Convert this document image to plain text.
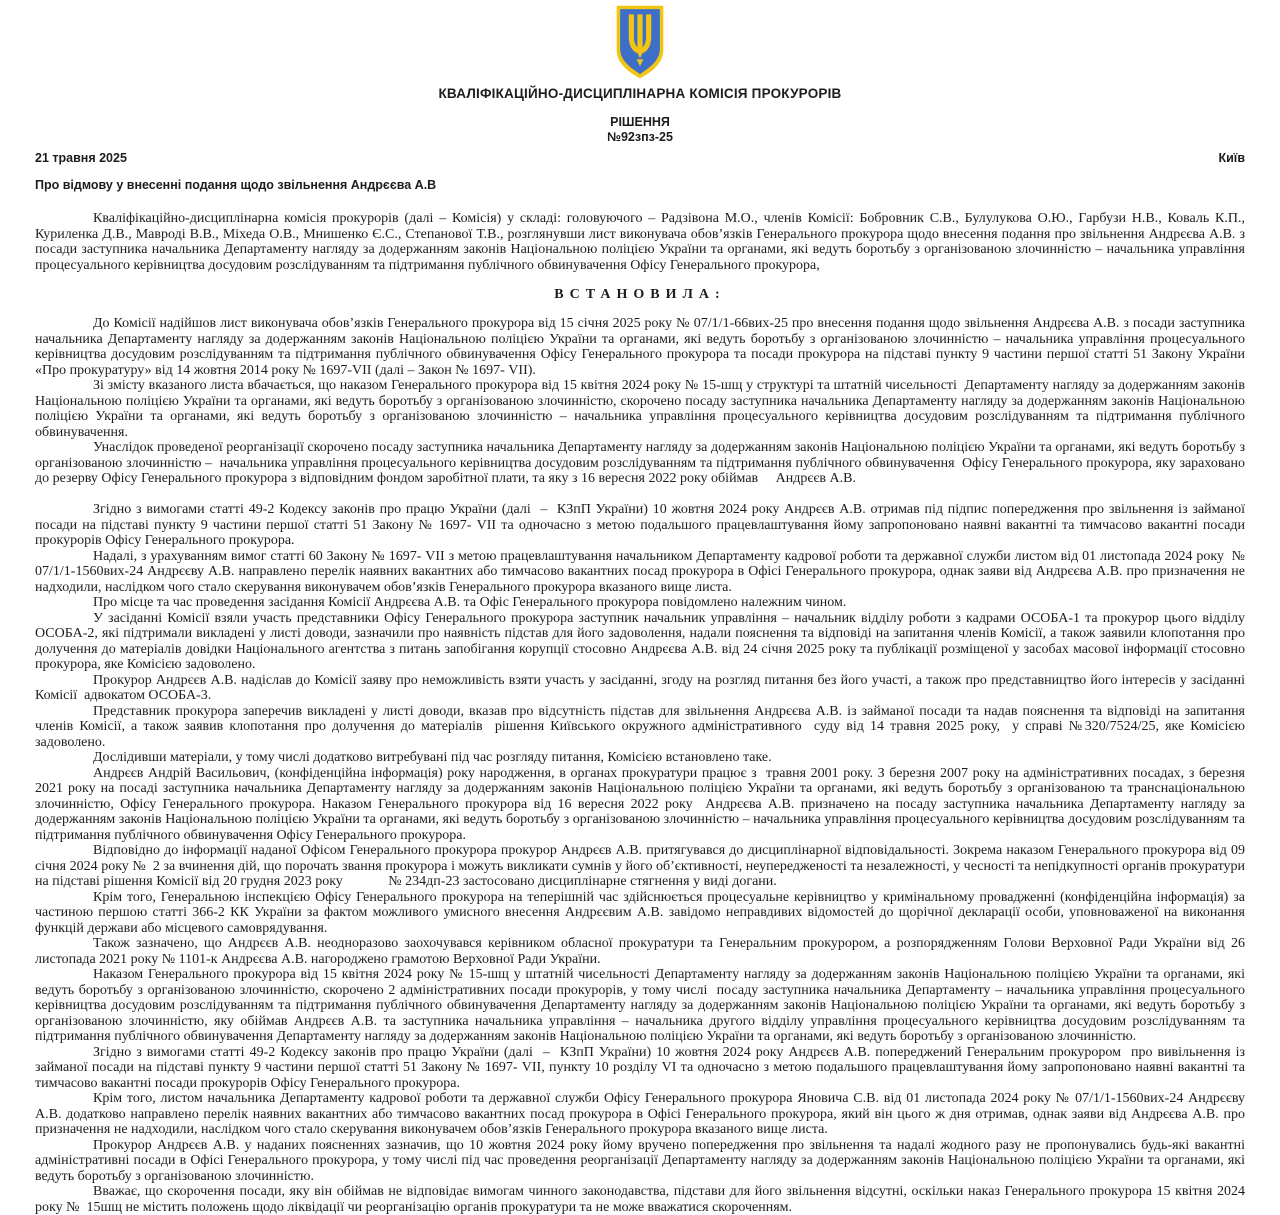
КВАЛІФІКАЦІЙНО-ДИСЦИПЛІНАРНА КОМІСІЯ ПРОКУРОРІВ
РІШЕННЯ
№92зпз-25
21 травня 2025	Київ
Про відмову у внесенні подання щодо звільнення Андрєєва А.В

Кваліфікаційно-дисциплінарна комісія прокурорів (далі – Комісія) у складі: головуючого – Радзівона М.О., членів Комісії: Бобровник С.В., Булулукова О.Ю., Гарбузи Н.В., Коваль К.П., Куриленка Д.В., Мавроді В.В., Міхеда О.В., Мнишенко Є.С., Степанової Т.В., розглянувши лист виконувача обов’язків Генерального прокурора щодо внесення подання про звільнення Андрєєва А.В. з посади заступника начальника Департаменту нагляду за додержанням законів Національною поліцією України та органами, які ведуть боротьбу з організованою злочинністю – начальника управління процесуального керівництва досудовим розслідуванням та підтримання публічного обвинувачення Офісу Генерального прокурора,

ВСТАНОВИЛА:

До Комісії надійшов лист виконувача обов’язків Генерального прокурора від 15 січня 2025 року № 07/1/1-66вих-25 про внесення подання щодо звільнення Андрєєва А.В. з посади заступника начальника Департаменту нагляду за додержанням законів Національною поліцією України та органами, які ведуть боротьбу з організованою злочинністю – начальника управління процесуального керівництва досудовим розслідуванням та підтримання публічного обвинувачення Офісу Генерального прокурора та посади прокурора на підставі пункту 9 частини першої статті 51 Закону України «Про прокуратуру» від 14 жовтня 2014 року № 1697-VII (далі – Закон № 1697- VII).

Зі змісту вказаного листа вбачається, що наказом Генерального прокурора від 15 квітня 2024 року № 15-шщ у структурі та штатній чисельності  Департаменту нагляду за додержанням законів Національною поліцією України та органами, які ведуть боротьбу з організованою злочинністю, скорочено посаду заступника начальника Департаменту нагляду за додержанням законів Національною поліцією України та органами, які ведуть боротьбу з організованою злочинністю – начальника управління процесуального керівництва досудовим розслідуванням та підтримання публічного обвинувачення.

Унаслідок проведеної реорганізації скорочено посаду заступника начальника Департаменту нагляду за додержанням законів Національною поліцією України та органами, які ведуть боротьбу з організованою злочинністю –  начальника управління процесуального керівництва досудовим розслідуванням та підтримання публічного обвинувачення  Офісу Генерального прокурора, яку зараховано до резерву Офісу Генерального прокурора з відповідним фондом заробітної плати, та яку з 16 вересня 2022 року обіймав     Андрєєв А.В.

Згідно з вимогами статті 49-2 Кодексу законів про працю України (далі  –  КЗпП України) 10 жовтня 2024 року Андрєєв А.В. отримав під підпис попередження про звільнення із займаної посади на підставі пункту 9 частини першої статті 51 Закону № 1697- VII та одночасно з метою подальшого працевлаштування йому запропоновано наявні вакантні та тимчасово вакантні посади прокурорів Офісу Генерального прокурора.

Надалі, з урахуванням вимог статті 60 Закону № 1697- VII з метою працевлаштування начальником Департаменту кадрової роботи та державної служби листом від 01 листопада 2024 року  № 07/1/1-1560вих-24 Андрєєву А.В. направлено перелік наявних вакантних або тимчасово вакантних посад прокурора в Офісі Генерального прокурора, однак заяви від Андрєєва А.В. про призначення не надходили, наслідком чого стало скерування виконувачем обов’язків Генерального прокурора вказаного вище листа.

Про місце та час проведення засідання Комісії Андрєєва А.В. та Офіс Генерального прокурора повідомлено належним чином.

У засіданні Комісії взяли участь представники Офісу Генерального прокурора заступник начальник управління – начальник відділу роботи з кадрами ОСОБА-1 та прокурор цього відділу ОСОБА-2, які підтримали викладені у листі доводи, зазначили про наявність підстав для його задоволення, надали пояснення та відповіді на запитання членів Комісії, а також заявили клопотання про долучення до матеріалів довідки Національного агентства з питань запобігання корупції стосовно Андрєєва А.В. від 24 січня 2025 року та публікації розміщеної у засобах масової інформації стосовно прокурора, яке Комісією задоволено.

Прокурор Андрєєв А.В. надіслав до Комісії заяву про неможливість взяти участь у засіданні, згоду на розгляд питання без його участі, а також про представництво його інтересів у засіданні Комісії  адвокатом ОСОБА-3.

Представник прокурора заперечив викладені у листі доводи, вказав про відсутність підстав для звільнення Андрєєва А.В. із займаної посади та надав пояснення та відповіді на запитання членів Комісії, а також заявив клопотання про долучення до матеріалів  рішення Київського окружного адміністративного  суду від 14 травня 2025 року,  у справі №320/7524/25, яке Комісією задоволено.

Дослідивши матеріали, у тому числі додатково витребувані під час розгляду питання, Комісією встановлено таке.

Андрєєв Андрій Васильович, (конфіденційна інформація) року народження, в органах прокуратури працює з  травня 2001 року. З березня 2007 року на адміністративних посадах, з березня 2021 року на посаді заступника начальника Департаменту нагляду за додержанням законів Національною поліцією України та органами, які ведуть боротьбу з організованою та транснаціональною злочинністю, Офісу Генерального прокурора. Наказом Генерального прокурора від 16 вересня 2022 року  Андрєєва А.В. призначено на посаду заступника начальника Департаменту нагляду за додержанням законів Національною поліцією України та органами, які ведуть боротьбу з організованою злочинністю – начальника управління процесуального керівництва досудовим розслідуванням та підтримання публічного обвинувачення Офісу Генерального прокурора.

Відповідно до інформації наданої Офісом Генерального прокурора прокурор Андрєєв А.В. притягувався до дисциплінарної відповідальності. Зокрема наказом Генерального прокурора від 09 січня 2024 року №  2 за вчинення дій, що порочать звання прокурора і можуть викликати сумнів у його об’єктивності, неупередженості та незалежності, у чесності та непідкупності органів прокуратури на підставі рішення Комісії від 20 грудня 2023 року             № 234дп-23 застосовано дисциплінарне стягнення у виді догани.

Крім того, Генеральною інспекцією Офісу Генерального прокурора на теперішній час здійснюється процесуальне керівництво у кримінальному провадженні (конфіденційна інформація) за частиною першою статті 366-2 КК України за фактом можливого умисного внесення Андрєєвим А.В. завідомо неправдивих відомостей до щорічної декларації особи, уповноваженої на виконання функцій держави або місцевого самоврядування.

Також зазначено, що Андрєєв А.В. неодноразово заохочувався керівником обласної прокуратури та Генеральним прокурором, а розпорядженням Голови Верховної Ради України від 26 листопада 2021 року № 1101-к Андрєєва А.В. нагороджено грамотою Верховної Ради України.

Наказом Генерального прокурора від 15 квітня 2024 року № 15-шщ у штатній чисельності Департаменту нагляду за додержанням законів Національною поліцією України та органами, які ведуть боротьбу з організованою злочинністю, скорочено 2 адміністративних посади прокурорів, у тому числі  посаду заступника начальника Департаменту – начальника управління процесуального керівництва досудовим розслідуванням та підтримання публічного обвинувачення Департаменту нагляду за додержанням законів Національною поліцією України та органами, які ведуть боротьбу з організованою злочинністю, яку обіймав Андрєєв А.В. та заступника начальника управління – начальника другого відділу управління процесуального керівництва досудовим розслідуванням та підтримання публічного обвинувачення Департаменту нагляду за додержанням законів Національною поліцією України та органами, які ведуть боротьбу з організованою злочинністю.

Згідно з вимогами статті 49-2 Кодексу законів про працю України (далі  –  КЗпП України) 10 жовтня 2024 року Андрєєв А.В. попереджений Генеральним прокурором  про вивільнення із займаної посади на підставі пункту 9 частини першої статті 51 Закону № 1697- VII, пункту 10 розділу VI та одночасно з метою подальшого працевлаштування йому запропоновано наявні вакантні та тимчасово вакантні посади прокурорів Офісу Генерального прокурора.

Крім того, листом начальника Департаменту кадрової роботи та державної служби Офісу Генерального прокурора Яновича С.В. від 01 листопада 2024 року № 07/1/1-1560вих-24 Андрєєву А.В. додатково направлено перелік наявних вакантних або тимчасово вакантних посад прокурора в Офісі Генерального прокурора, який він цього ж дня отримав, однак заяви від Андрєєва А.В. про призначення не надходили, наслідком чого стало скерування виконувачем обов’язків Генерального прокурора вказаного вище листа.

Прокурор Андрєєв А.В. у наданих поясненнях зазначив, що 10 жовтня 2024 року йому вручено попередження про звільнення та надалі жодного разу не пропонувались будь-які вакантні адміністративні посади в Офісі Генерального прокурора, у тому числі під час проведення реорганізації Департаменту нагляду за додержанням законів Національною поліцією України та органами, які ведуть боротьбу з організованою злочинністю.

Вважає, що скорочення посади, яку він обіймав не відповідає вимогам чинного законодавства, підстави для його звільнення відсутні, оскільки наказ Генерального прокурора 15 квітня 2024 року №  15шщ не містить положень щодо ліквідації чи реорганізацію органів прокуратури та не може вважатися скороченням.
